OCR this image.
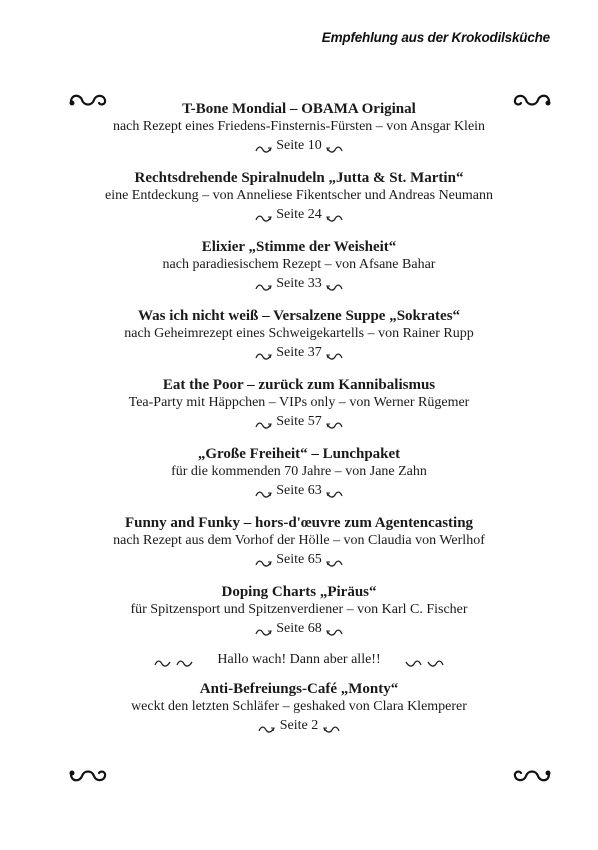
Empfehlung aus der Krokodilsküche
T-Bone Mondial – OBAMA Original
nach Rezept eines Friedens-Finsternis-Fürsten – von Ansgar Klein
Seite 10
Rechtsdrehende Spiralnudeln „Jutta & St. Martin“
eine Entdeckung – von Anneliese Fikentscher und Andreas Neumann
Seite 24
Elixier „Stimme der Weisheit“
nach paradiesischem Rezept – von Afsane Bahar
Seite 33
Was ich nicht weiß – Versalzene Suppe „Sokrates“
nach Geheimrezept eines Schweigekartells – von Rainer Rupp
Seite 37
Eat the Poor – zurück zum Kannibalismus
Tea-Party mit Häppchen – VIPs only – von Werner Rügemer
Seite 57
„Große Freiheit“ – Lunchpaket
für die kommenden 70 Jahre – von Jane Zahn
Seite 63
Funny and Funky – hors-d'œuvre zum Agentencasting
nach Rezept aus dem Vorhof der Hölle – von Claudia von Werlhof
Seite 65
Doping Charts „Piräus“
für Spitzensport und Spitzenverdiener – von Karl C. Fischer
Seite 68
Hallo wach! Dann aber alle!!
Anti-Befreiungs-Café „Monty“
weckt den letzten Schläfer – geshaked von Clara Klemperer
Seite 2
